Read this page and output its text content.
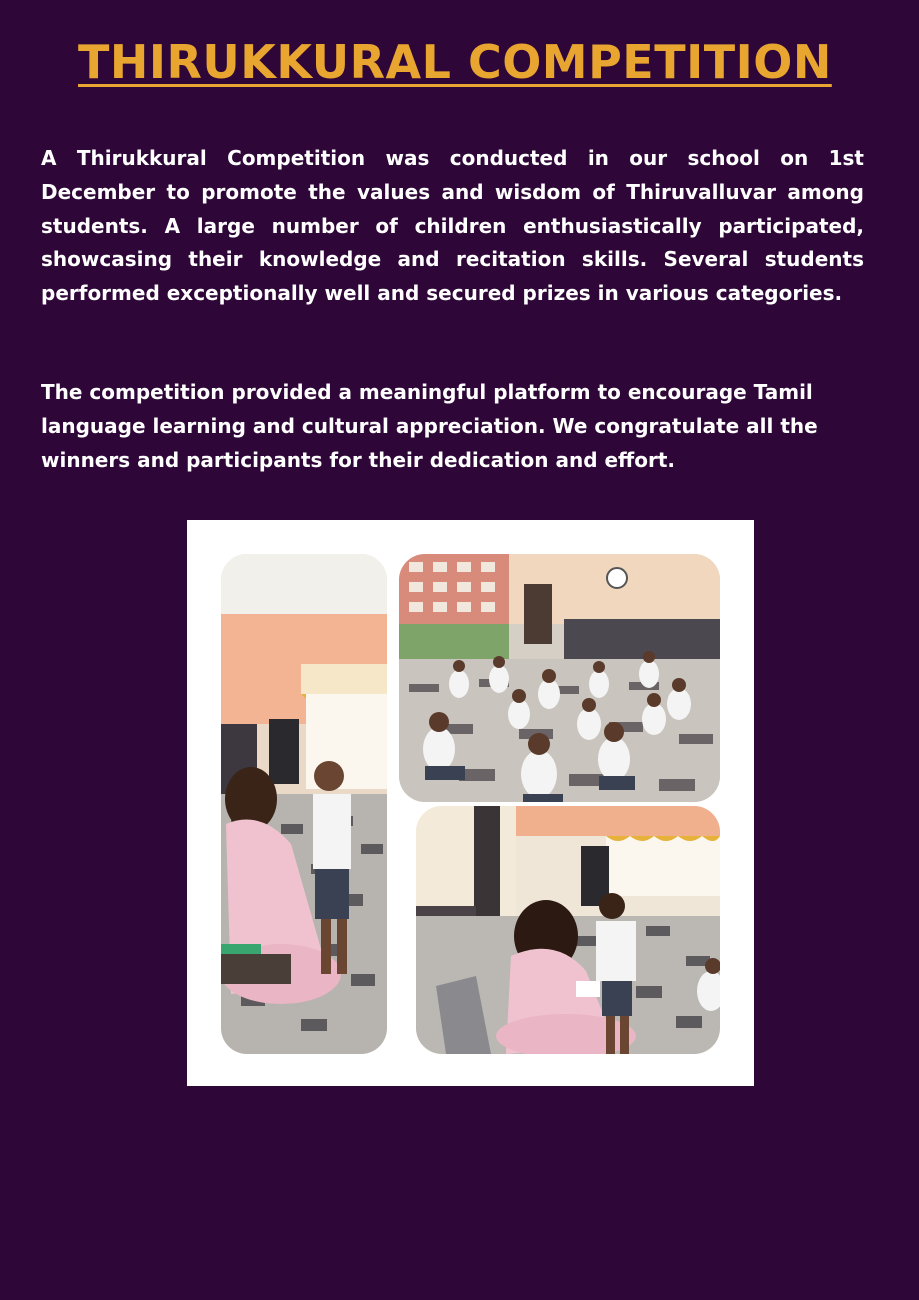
THIRUKKURAL COMPETITION

A Thirukkural Competition was conducted in our school on 1st December to promote the values and wisdom of Thiruvalluvar among students. A large number of children enthusiastically participated, showcasing their knowledge and recitation skills. Several students performed exceptionally well and secured prizes in various categories.

The competition provided a meaningful platform to encourage Tamil language learning and cultural appreciation. We congratulate all the winners and participants for their dedication and effort.
